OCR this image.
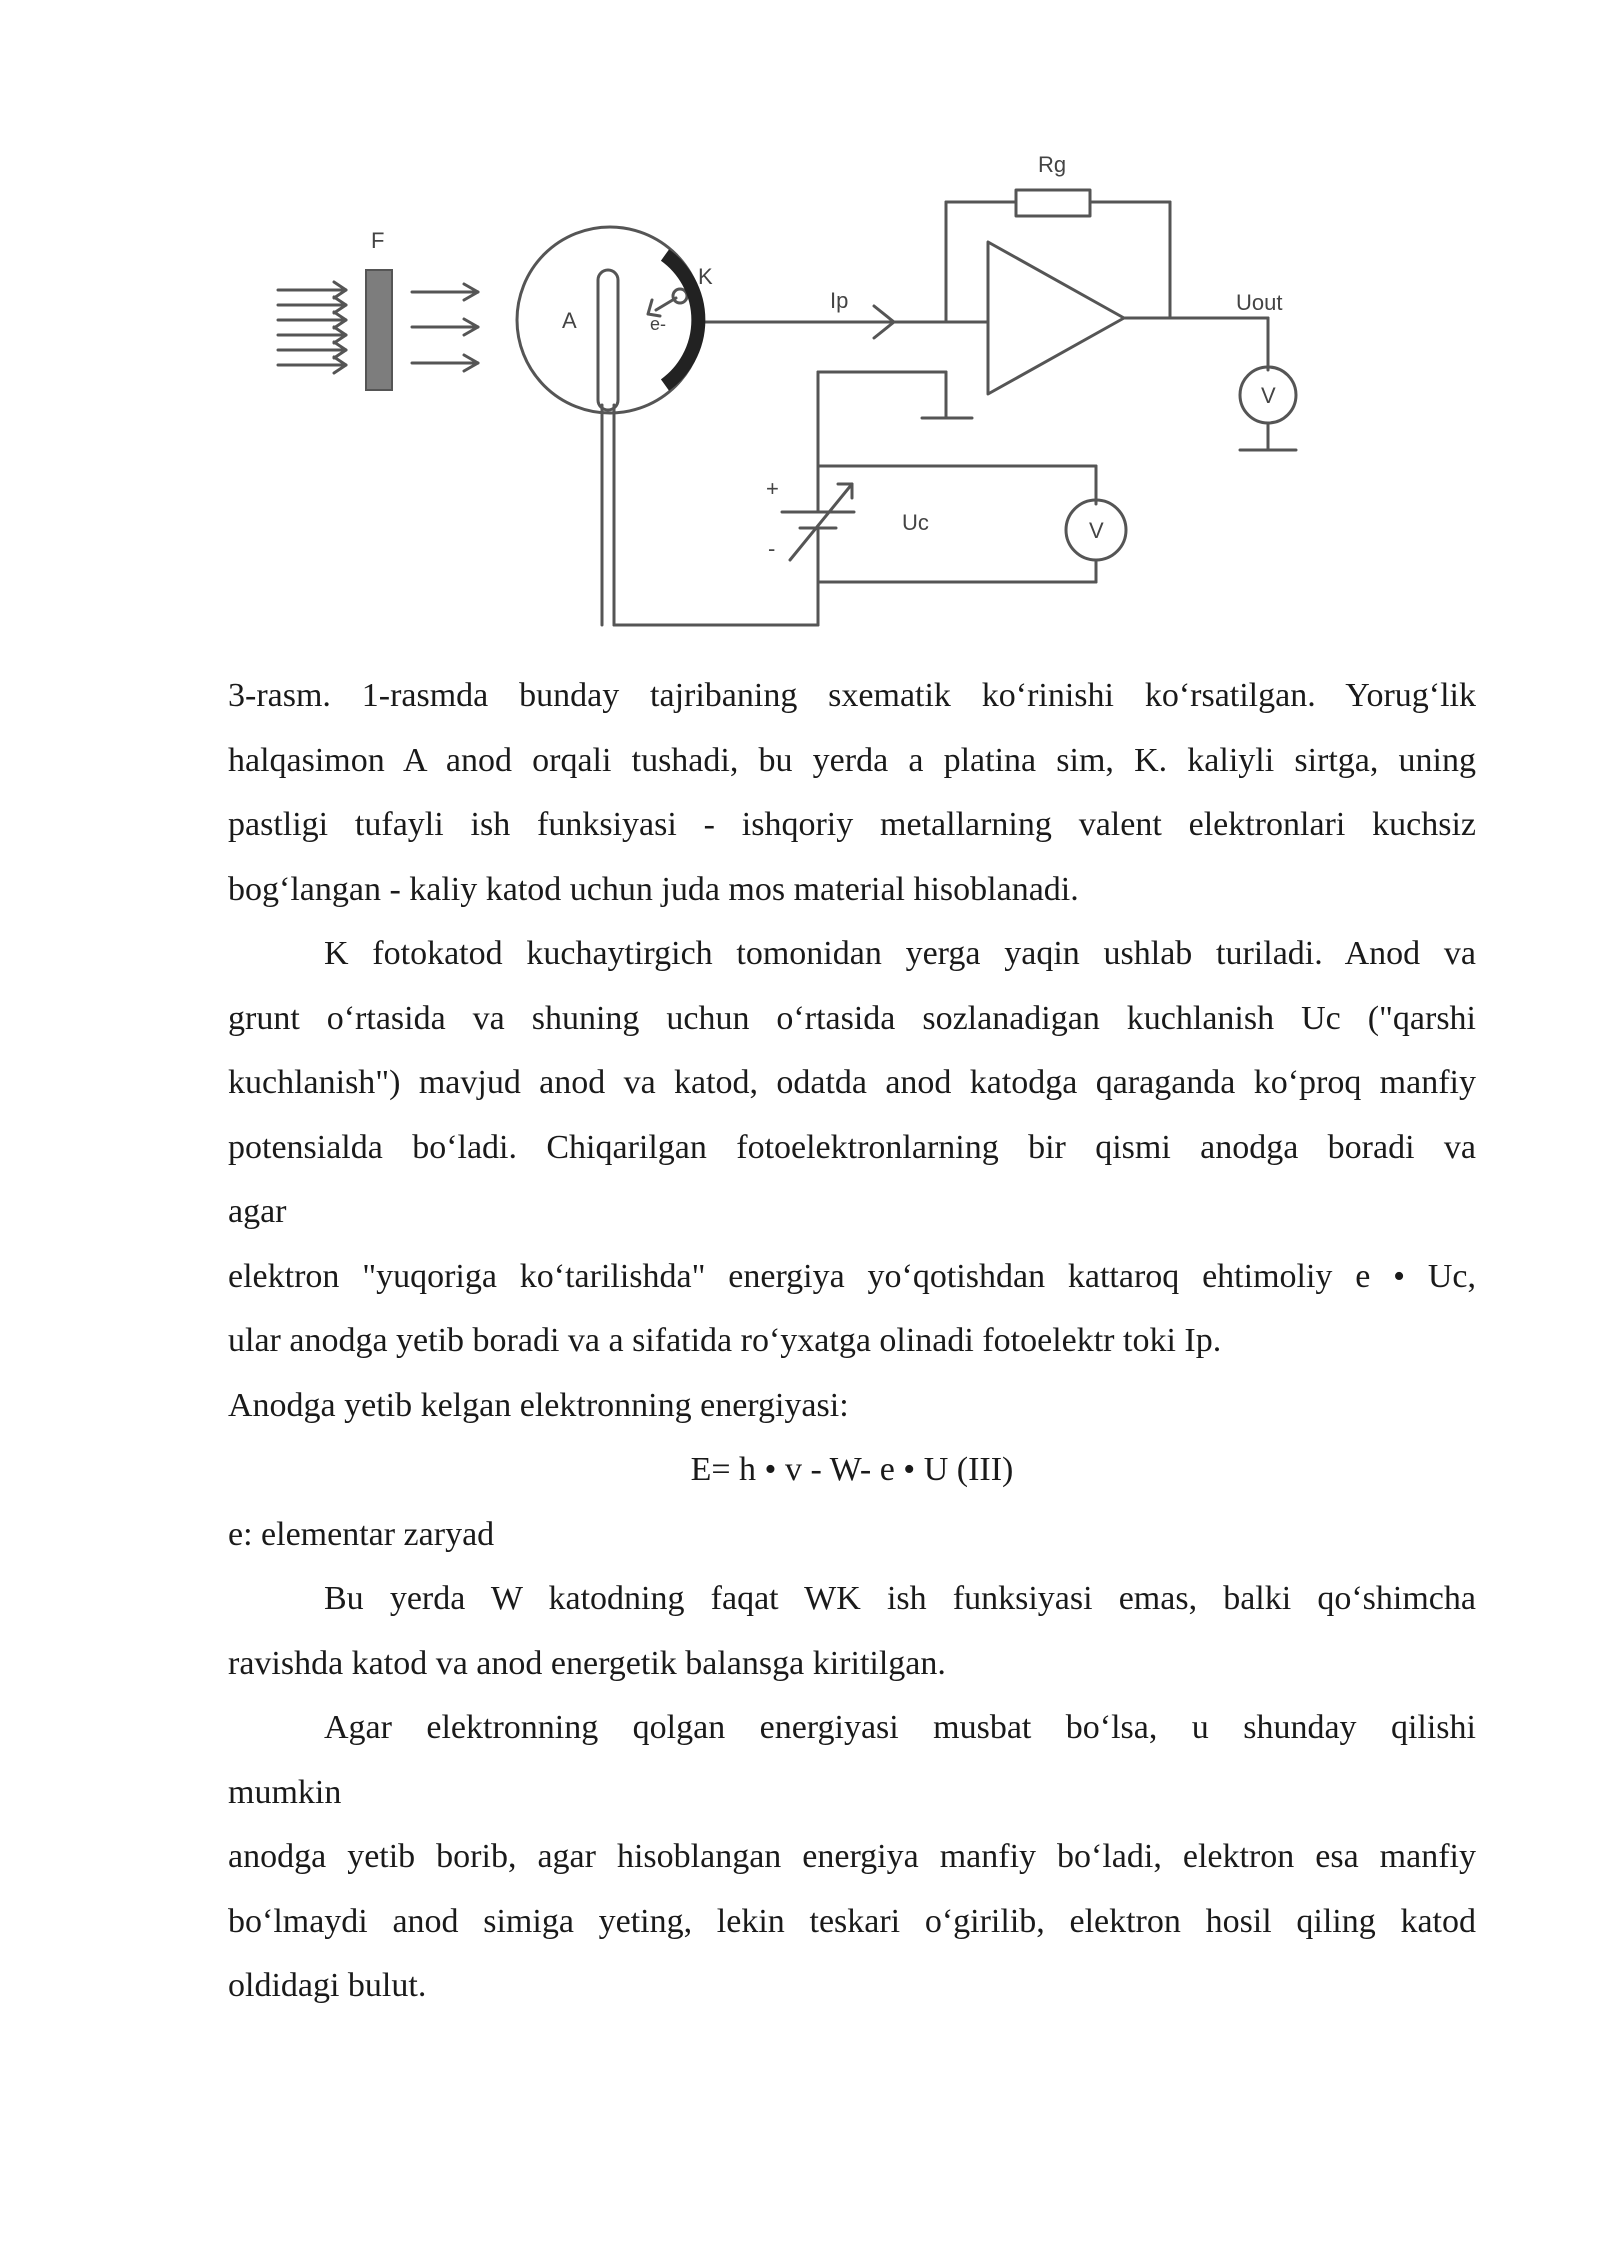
F
A
K
e-
Ip
Rg
Uout
V
V
Uc
+
-

3-rasm. 1-rasmda bunday tajribaning sxematik ko‘rinishi ko‘rsatilgan. Yorug‘lik

halqasimon A anod orqali tushadi, bu yerda a platina sim, K. kaliyli sirtga, uning

pastligi tufayli ish funksiyasi - ishqoriy metallarning valent elektronlari kuchsiz

bog‘langan - kaliy katod uchun juda mos material hisoblanadi.

K fotokatod kuchaytirgich tomonidan yerga yaqin ushlab turiladi. Anod va

grunt o‘rtasida va shuning uchun o‘rtasida sozlanadigan kuchlanish Uc ("qarshi

kuchlanish") mavjud anod va katod, odatda anod katodga qaraganda ko‘proq manfiy

potensialda bo‘ladi. Chiqarilgan fotoelektronlarning bir qismi anodga boradi va

agar

elektron "yuqoriga ko‘tarilishda" energiya yo‘qotishdan kattaroq ehtimoliy e • Uc,

ular anodga yetib boradi va a sifatida ro‘yxatga olinadi fotoelektr toki Ip.

Anodga yetib kelgan elektronning energiyasi:

E= h • v - W- e • U (III)

e: elementar zaryad

Bu yerda W katodning faqat WK ish funksiyasi emas, balki qo‘shimcha

ravishda katod va anod energetik balansga kiritilgan.

Agar elektronning qolgan energiyasi musbat bo‘lsa, u shunday qilishi

mumkin

anodga yetib borib, agar hisoblangan energiya manfiy bo‘ladi, elektron esa manfiy

bo‘lmaydi anod simiga yeting, lekin teskari o‘girilib, elektron hosil qiling katod

oldidagi bulut.
